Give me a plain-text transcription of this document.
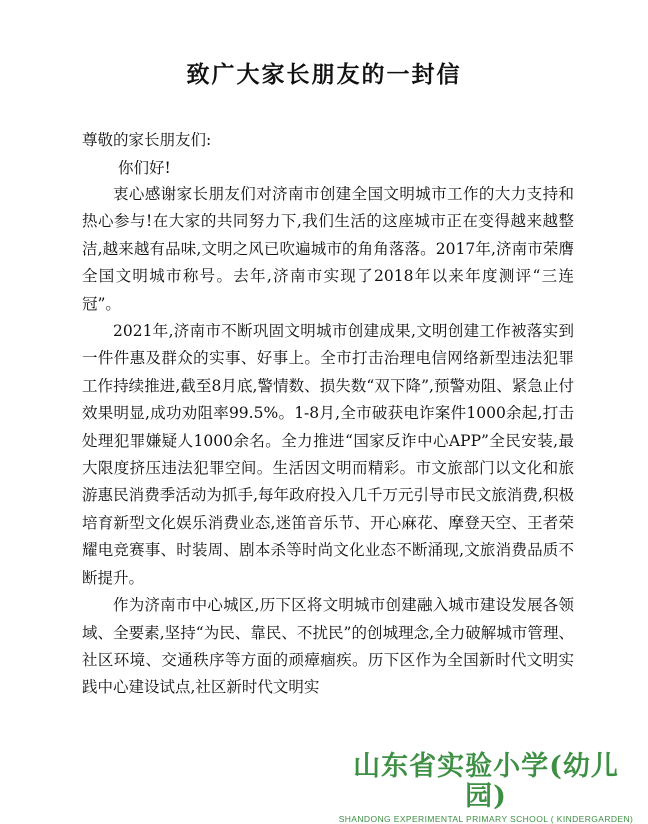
致广大家长朋友的一封信
尊敬的家长朋友们:
你们好!

衷心感谢家长朋友们对济南市创建全国文明城市工作的大力支持和热心参与!在大家的共同努力下,我们生活的这座城市正在变得越来越整洁,越来越有品味,文明之风已吹遍城市的角角落落。2017年,济南市荣膺全国文明城市称号。去年,济南市实现了2018年以来年度测评“三连冠”。

2021年,济南市不断巩固文明城市创建成果,文明创建工作被落实到一件件惠及群众的实事、好事上。全市打击治理电信网络新型违法犯罪工作持续推进,截至8月底,警情数、损失数“双下降”,预警劝阻、紧急止付效果明显,成功劝阻率99.5%。1-8月,全市破获电诈案件1000余起,打击处理犯罪嫌疑人1000余名。全力推进“国家反诈中心APP”全民安装,最大限度挤压违法犯罪空间。生活因文明而精彩。市文旅部门以文化和旅游惠民消费季活动为抓手,每年政府投入几千万元引导市民文旅消费,积极培育新型文化娱乐消费业态,迷笛音乐节、开心麻花、摩登天空、王者荣耀电竞赛事、时装周、剧本杀等时尚文化业态不断涌现,文旅消费品质不断提升。

作为济南市中心城区,历下区将文明城市创建融入城市建设发展各领域、全要素,坚持“为民、靠民、不扰民”的创城理念,全力破解城市管理、社区环境、交通秩序等方面的顽瘴痼疾。历下区作为全国新时代文明实践中心建设试点,社区新时代文明实

山东省实验小学(幼儿园)
SHANDONG EXPERIMENTAL PRIMARY SCHOOL ( KINDERGARDEN)
